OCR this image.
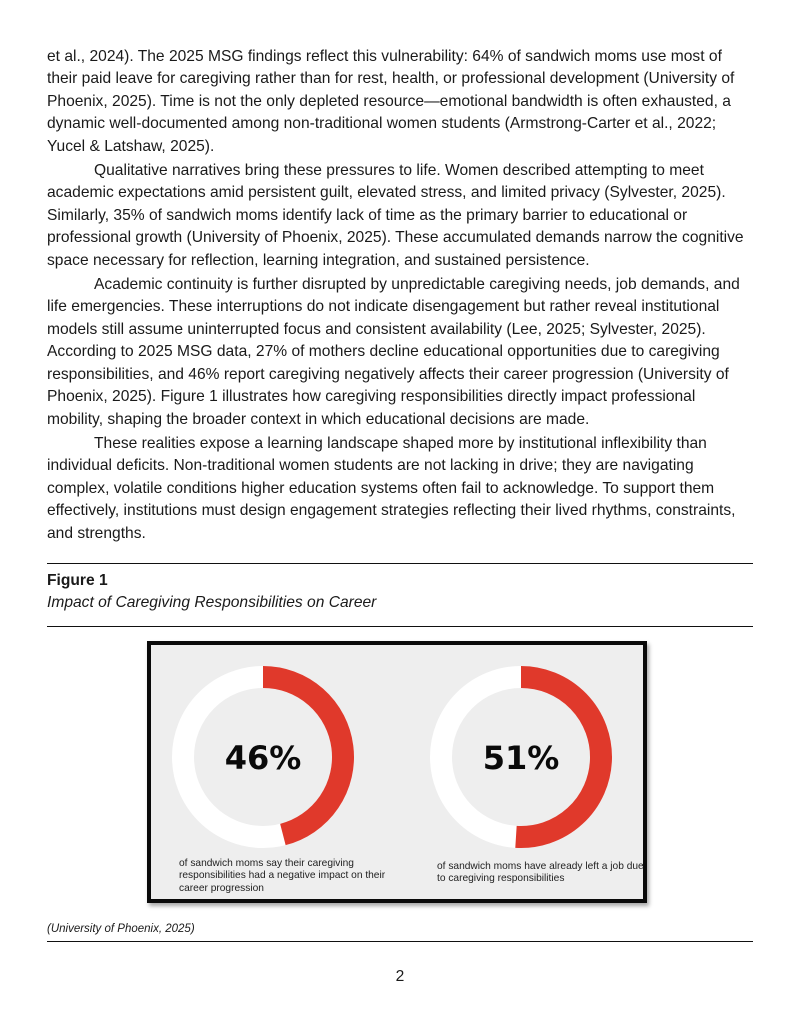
et al., 2024). The 2025 MSG findings reflect this vulnerability: 64% of sandwich moms use most of their paid leave for caregiving rather than for rest, health, or professional development (University of Phoenix, 2025). Time is not the only depleted resource—emotional bandwidth is often exhausted, a dynamic well-documented among non-traditional women students (Armstrong-Carter et al., 2022; Yucel & Latshaw, 2025).

Qualitative narratives bring these pressures to life. Women described attempting to meet academic expectations amid persistent guilt, elevated stress, and limited privacy (Sylvester, 2025). Similarly, 35% of sandwich moms identify lack of time as the primary barrier to educational or professional growth (University of Phoenix, 2025). These accumulated demands narrow the cognitive space necessary for reflection, learning integration, and sustained persistence.

Academic continuity is further disrupted by unpredictable caregiving needs, job demands, and life emergencies. These interruptions do not indicate disengagement but rather reveal institutional models still assume uninterrupted focus and consistent availability (Lee, 2025; Sylvester, 2025). According to 2025 MSG data, 27% of mothers decline educational opportunities due to caregiving responsibilities, and 46% report caregiving negatively affects their career progression (University of Phoenix, 2025). Figure 1 illustrates how caregiving responsibilities directly impact professional mobility, shaping the broader context in which educational decisions are made.

These realities expose a learning landscape shaped more by institutional inflexibility than individual deficits. Non-traditional women students are not lacking in drive; they are navigating complex, volatile conditions higher education systems often fail to acknowledge. To support them effectively, institutions must design engagement strategies reflecting their lived rhythms, constraints, and strengths.

Figure 1
Impact of Caregiving Responsibilities on Career
46%	51%
of sandwich moms say their caregiving responsibilities had a negative impact on their career progression
of sandwich moms have already left a job due to caregiving responsibilities
(University of Phoenix, 2025)
2
